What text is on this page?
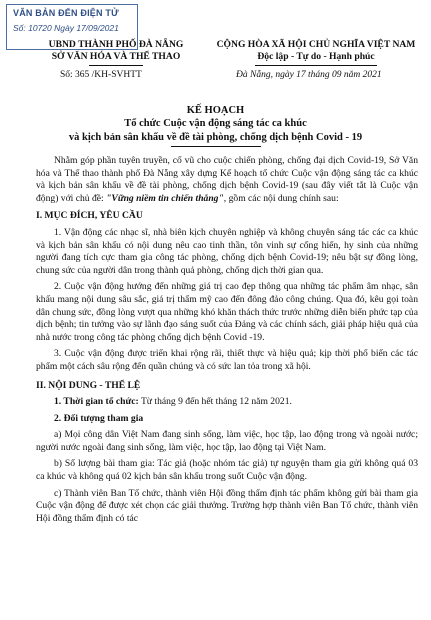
VĂN BẢN ĐẾN ĐIỆN TỬ
Số: 10720 Ngày 17/09/2021
UBND THÀNH PHỐ ĐÀ NẴNG
SỞ VĂN HÓA VÀ THỂ THAO
CỘNG HÒA XÃ HỘI CHỦ NGHĨA VIỆT NAM
Độc lập - Tự do - Hạnh phúc
Số: 365 /KH-SVHTT	Đà Nẵng, ngày 17 tháng 09 năm 2021
KẾ HOẠCH
Tổ chức Cuộc vận động sáng tác ca khúc
và kịch bản sân khấu về đề tài phòng, chống dịch bệnh Covid - 19

Nhằm góp phần tuyên truyền, cổ vũ cho cuộc chiến phòng, chống đại dịch Covid-19, Sở Văn hóa và Thể thao thành phố Đà Nẵng xây dựng Kế hoạch tổ chức Cuộc vận động sáng tác ca khúc và kịch bản sân khấu về đề tài phòng, chống dịch bệnh Covid-19 (sau đây viết tắt là Cuộc vận động) với chủ đề: "Vững niềm tin chiến thắng", gồm các nội dung chính sau:

I. MỤC ĐÍCH, YÊU CẦU

1. Vận động các nhạc sĩ, nhà biên kịch chuyên nghiệp và không chuyên sáng tác các ca khúc và kịch bản sân khấu có nội dung nêu cao tinh thần, tôn vinh sự cống hiến, hy sinh của những người đang tích cực tham gia công tác phòng, chống dịch bệnh Covid-19; nêu bật sự đồng lòng, chung sức của người dân trong thành quả phòng, chống dịch thời gian qua.

2. Cuộc vận động hướng đến những giá trị cao đẹp thông qua những tác phẩm âm nhạc, sân khấu mang nội dung sâu sắc, giá trị thẩm mỹ cao đến đông đảo công chúng. Qua đó, kêu gọi toàn dân chung sức, đồng lòng vượt qua những khó khăn thách thức trước những diễn biến phức tạp của dịch bệnh; tin tưởng vào sự lãnh đạo sáng suốt của Đảng và các chính sách, giải pháp hiệu quả của nhà nước trong công tác phòng chống dịch bệnh Covid -19.

3. Cuộc vận động được triển khai rộng rãi, thiết thực và hiệu quả; kịp thời phổ biến các tác phẩm một cách sâu rộng đến quần chúng và có sức lan tỏa trong xã hội.

II. NỘI DUNG - THỂ LỆ

1. Thời gian tổ chức: Từ tháng 9 đến hết tháng 12 năm 2021.

2. Đối tượng tham gia

a) Mọi công dân Việt Nam đang sinh sống, làm việc, học tập, lao động trong và ngoài nước; người nước ngoài đang sinh sống, làm việc, học tập, lao động tại Việt Nam.

b) Số lượng bài tham gia: Tác giả (hoặc nhóm tác giả) tự nguyện tham gia gửi không quá 03 ca khúc và không quá 02 kịch bản sân khấu trong suốt Cuộc vận động.

c) Thành viên Ban Tổ chức, thành viên Hội đồng thẩm định tác phẩm không gửi bài tham gia Cuộc vận động để được xét chọn các giải thưởng. Trường hợp thành viên Ban Tổ chức, thành viên Hội đồng thẩm định có tác
